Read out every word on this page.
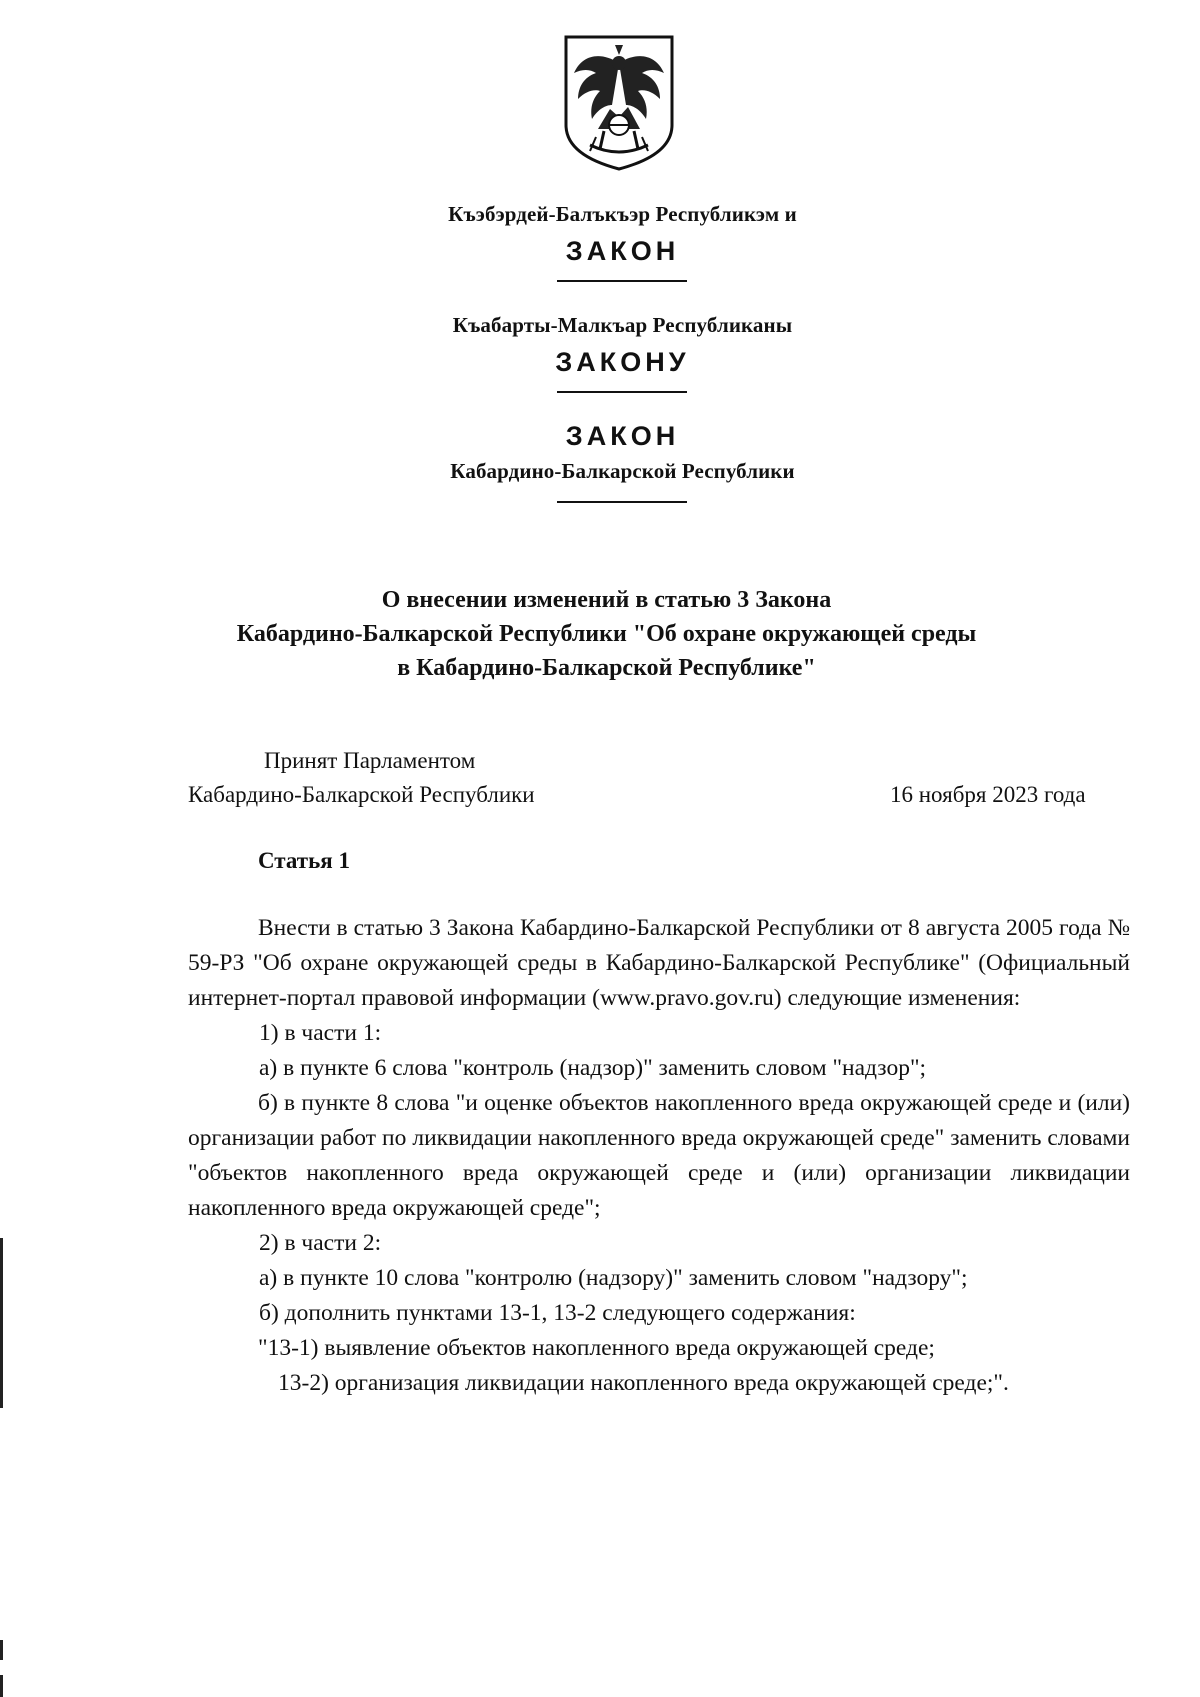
Къэбэрдей-Балъкъэр Республикэм и
ЗАКОН
Къабарты-Малкъар Республиканы
ЗАКОНУ
ЗАКОН
Кабардино-Балкарской Республики
О внесении изменений в статью 3 Закона
Кабардино-Балкарской Республики "Об охране окружающей среды
в Кабардино-Балкарской Республике"
Принят Парламентом
Кабардино-Балкарской Республики	16 ноября 2023 года
Статья 1
Внести в статью 3 Закона Кабардино-Балкарской Республики от 8 августа 2005 года № 59-РЗ "Об охране окружающей среды в Кабардино-Балкарской Республике" (Официальный интернет-портал правовой информации (www.pravo.gov.ru) следующие изменения:
1) в части 1:
а) в пункте 6 слова "контроль (надзор)" заменить словом "надзор";
б) в пункте 8 слова "и оценке объектов накопленного вреда окружающей среде и (или) организации работ по ликвидации накопленного вреда окружающей среде" заменить словами "объектов накопленного вреда окружающей среде и (или) организации ликвидации накопленного вреда окружающей среде";
2) в части 2:
а) в пункте 10 слова "контролю (надзору)" заменить словом "надзору";
б) дополнить пунктами 13-1, 13-2 следующего содержания:
"13-1) выявление объектов накопленного вреда окружающей среде;
13-2) организация ликвидации накопленного вреда окружающей среде;".
